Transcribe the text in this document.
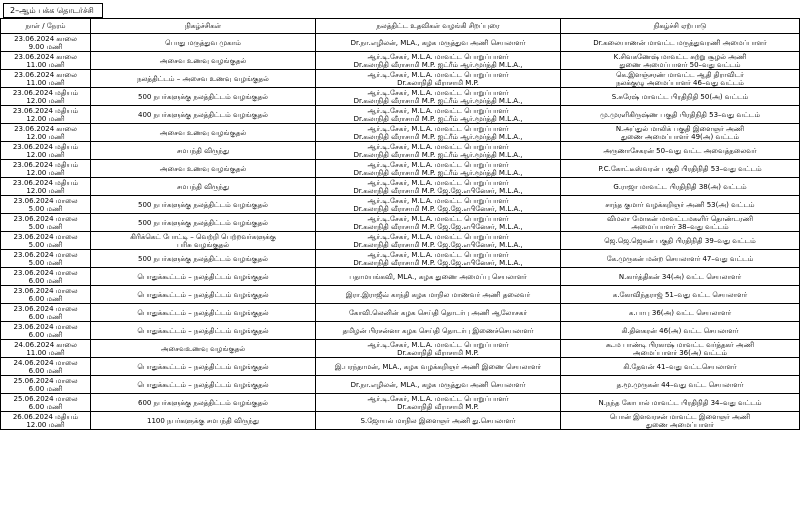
2–ஆம் பக்க தொடர்ச்சி
நாள் / நேரம்	நிகழ்ச்சிகள்	நலத்திட்ட உதவிகள் வழங்கி சிறப்புரை	நிகழ்ச்சி ஏற்பாடு
23.06.2024 காலை
9.00 மணி	பொது மருத்துவ முகாம்	Dr.நா.எழிலன், MLA., கழக மருத்துவ அணி செயலாளர்	Dr.கலையாணன் மாவட்ட மருத்துவரணி அமைப்பாளர்
23.06.2024 காலை
11.00 மணி	அசைவ உணவு வழங்குதல்	ஆர்.டி.சேகர், M.L.A. மாவட்ட பொறுப்பாளர்
Dr.கலாநிதி வீராசாமி M.P. ஐட்ரீம் ஆர்.மூர்த்தி M.L.A.,	K.சிவகணேஷ் மாவட்ட சுற்று சூழல் அணி
துணை அமைப்பாளர் 50–வது வட்டம்
23.06.2024 காலை
11.00 மணி	நலத்திட்டம் – அசைவ உணவு வழங்குதல்	ஆர்.டி.சேகர், M.L.A. மாவட்ட பொறுப்பாளர்
Dr.கலாநிதி வீராசாமி M.P.	கெ.இளஞ்சரண் மாவட்ட ஆதி திராவிடர்
நலக்குழு அமைப்பாளர் 46–வது வட்டம்
23.06.2024 மதியம்
12.00 மணி	500 நபர்களுக்கு நலத்திட்டம் வழங்குதல்	ஆர்.டி.சேகர், M.L.A. மாவட்ட பொறுப்பாளர்
Dr.கலாநிதி வீராசாமி M.P. ஐட்ரீம் ஆர்.மூர்த்தி M.L.A.,	S.சுரேஷ் மாவட்ட பிரதிநிதி 50(அ) வட்டம்
23.06.2024 மதியம்
12.00 மணி	400 நபர்களுக்கு நலத்திட்டம் வழங்குதல்	ஆர்.டி.சேகர், M.L.A. மாவட்ட பொறுப்பாளர்
Dr.கலாநிதி வீராசாமி M.P. ஐட்ரீம் ஆர்.மூர்த்தி M.L.A.,	மு.முரளிகிருஷ்ண பகுதி பிரதிநிதி 53–வது வட்டம்
23.06.2024 காலை
12.00 மணி	அசைவ உணவு வழங்குதல்	ஆர்.டி.சேகர், M.L.A. மாவட்ட பொறுப்பாளர்
Dr.கலாநிதி வீராசாமி M.P. ஐட்ரீம் ஆர்.மூர்த்தி M.L.A.,	N.அப்துல் மாலிக் பகுதி இளைஞர் அணி
துணை அமைப்பாளர் 49(அ) வட்டம்
23.06.2024 மதியம்
12.00 மணி	சமபந்தி விருந்து	ஆர்.டி.சேகர், M.L.A. மாவட்ட பொறுப்பாளர்
Dr.கலாநிதி வீராசாமி M.P. ஐட்ரீம் ஆர்.மூர்த்தி M.L.A.,	அருணாசேகரன் 50–வது வட்ட அவைத்தலைவர்
23.06.2024 மதியம்
12.00 மணி	அசைவ உணவு வழங்குதல்	ஆர்.டி.சேகர், M.L.A. மாவட்ட பொறுப்பாளர்
Dr.கலாநிதி வீராசாமி M.P. ஐட்ரீம் ஆர்.மூர்த்தி M.L.A.,	P.C.கோட்டீஸ்வரன் பகுதி பிரதிநிதி 53–வது வட்டம்
23.06.2024 மதியம்
12.00 மணி	சமபந்தி விருந்து	ஆர்.டி.சேகர், M.L.A. மாவட்ட பொறுப்பாளர்
Dr.கலாநிதி வீராசாமி M.P. ஜே.ஜே.எபினேசர், M.L.A.,	G.ராஜா மாவட்ட பிரதிநிதி 38(அ) வட்டம்
23.06.2024 மாலை
5.00 மணி	500 நபர்களுக்கு நலத்திட்டம் வழங்குதல்	ஆர்.டி.சேகர், M.L.A. மாவட்ட பொறுப்பாளர்
Dr.கலாநிதி வீராசாமி M.P. ஜே.ஜே.எபினேசர், M.L.A.,	சாந்த குமார் வழக்கறிஞர் அணி 53(அ) வட்டம்
23.06.2024 மாலை
5.00 மணி	500 நபர்களுக்கு நலத்திட்டம் வழங்குதல்	ஆர்.டி.சேகர், M.L.A. மாவட்ட பொறுப்பாளர்
Dr.கலாநிதி வீராசாமி M.P. ஜே.ஜே.எபினேசர், M.L.A.,	விமலா மோகன் மாவட்டமகளிர் தொண்டரணி
அமைப்பாளர் 38–வது வட்டம்
23.06.2024 மாலை
5.00 மணி	கிரிக்கெட் போட்டி – வெற்றி பெற்றவர்களுக்கு
பரிசு வழங்குதல்	ஆர்.டி.சேகர், M.L.A. மாவட்ட பொறுப்பாளர்
Dr.கலாநிதி வீராசாமி M.P. ஜே.ஜே.எபினேசர், M.L.A.,	ஜெ.ஜெ.ஜெகன் பகுதி பிரதிநிதி 39–வது வட்டம்
23.06.2024 மாலை
5.00 மணி	500 நபர்களுக்கு நலத்திட்டம் வழங்குதல்	ஆர்.டி.சேகர், M.L.A. மாவட்ட பொறுப்பாளர்
Dr.கலாநிதி வீராசாமி M.P. ஜே.ஜே.எபினேசர், M.L.A.,	கே.முருகன் மன்ற செயலாளர் 47–வது வட்டம்
23.06.2024 மாலை
6.00 மணி	பொதுக்கூட்டம் – நலத்திட்டம் வழங்குதல்	பதாமயங்கவி, MLA., கழக துணை அமைப்பு செயலாளர்	N.கார்த்திகன் 34(அ) வட்ட செயலாளர்
23.06.2024 மாலை
6.00 மணி	பொதுக்கூட்டம் – நலத்திட்டம் வழங்குதல்	இரா.இராஜீவ் காந்தி கழக மாநில மாணவர் அணி தலைவர்	க.கோவிந்தராஜ் 51–வது வட்ட செயலாளர்
23.06.2024 மாலை
6.00 மணி	பொதுக்கூட்டம் – நலத்திட்டம் வழங்குதல்	கோவி.லெனின் கழக செய்தி தொடர்பு அணி ஆலோசகர்	க.பாபு 36(அ) வட்ட செயலாளர்
23.06.2024 மாலை
6.00 மணி	பொதுக்கூட்டம் – நலத்திட்டம் வழங்குதல்	தமிழன் பிரசன்னா கழக செய்தி தொடர்பு இணைச்செயலாளர்	கி.தினகரன் 46(அ) வட்ட செயலாளர்
24.06.2024 காலை
11.00 மணி	அசைவஉணவு வழங்குதல்	ஆர்.டி.சேகர், M.L.A. மாவட்ட பொறுப்பாளர்
Dr.கலாநிதி வீராசாமி M.P.	கூ.ம பாண்டி பிரகாஷ் மாவட்ட வர்த்தகர் அணி
அமைப்பாளர் 36(அ) வட்டம்
24.06.2024 மாலை
6.00 மணி	பொதுக்கூட்டம் – நலத்திட்டம் வழங்குதல்	இ.பரந்தாமன், MLA., கழக வழக்கறிஞர் அணி இணை செயலாளர்	கி.தேவன் 41–வது வட்டசெயலாளர்
25.06.2024 மாலை
6.00 மணி	பொதுக்கூட்டம் – நலத்திட்டம் வழங்குதல்	Dr.நா.எழிலன், MLA., கழக மருத்துவ அணி செயலாளர்	த.மூ.முருகன் 44–வது வட்ட செயலாளர்
25.06.2024 மாலை
6.00 மணி	600 நபர்களுக்கு நலத்திட்டம் வழங்குதல்	ஆர்.டி.சேகர், M.L.A. மாவட்ட பொறுப்பாளர்
Dr.கலாநிதி வீராசாமி M.P.	N.நந்த கோபால் மாவட்ட பிரதிநிதி 34–வது வட்டம்
26.06.2024 மதியம்
12.00 மணி	1100 நபர்களுக்கு சமபந்தி விருந்து	S.ஜோயல் மாநில இளைஞர் அணி து.செயலாளர்	பொன் இளவரசன் மாவட்ட இளைஞர் அணி
துணை அமைப்பாளர்
